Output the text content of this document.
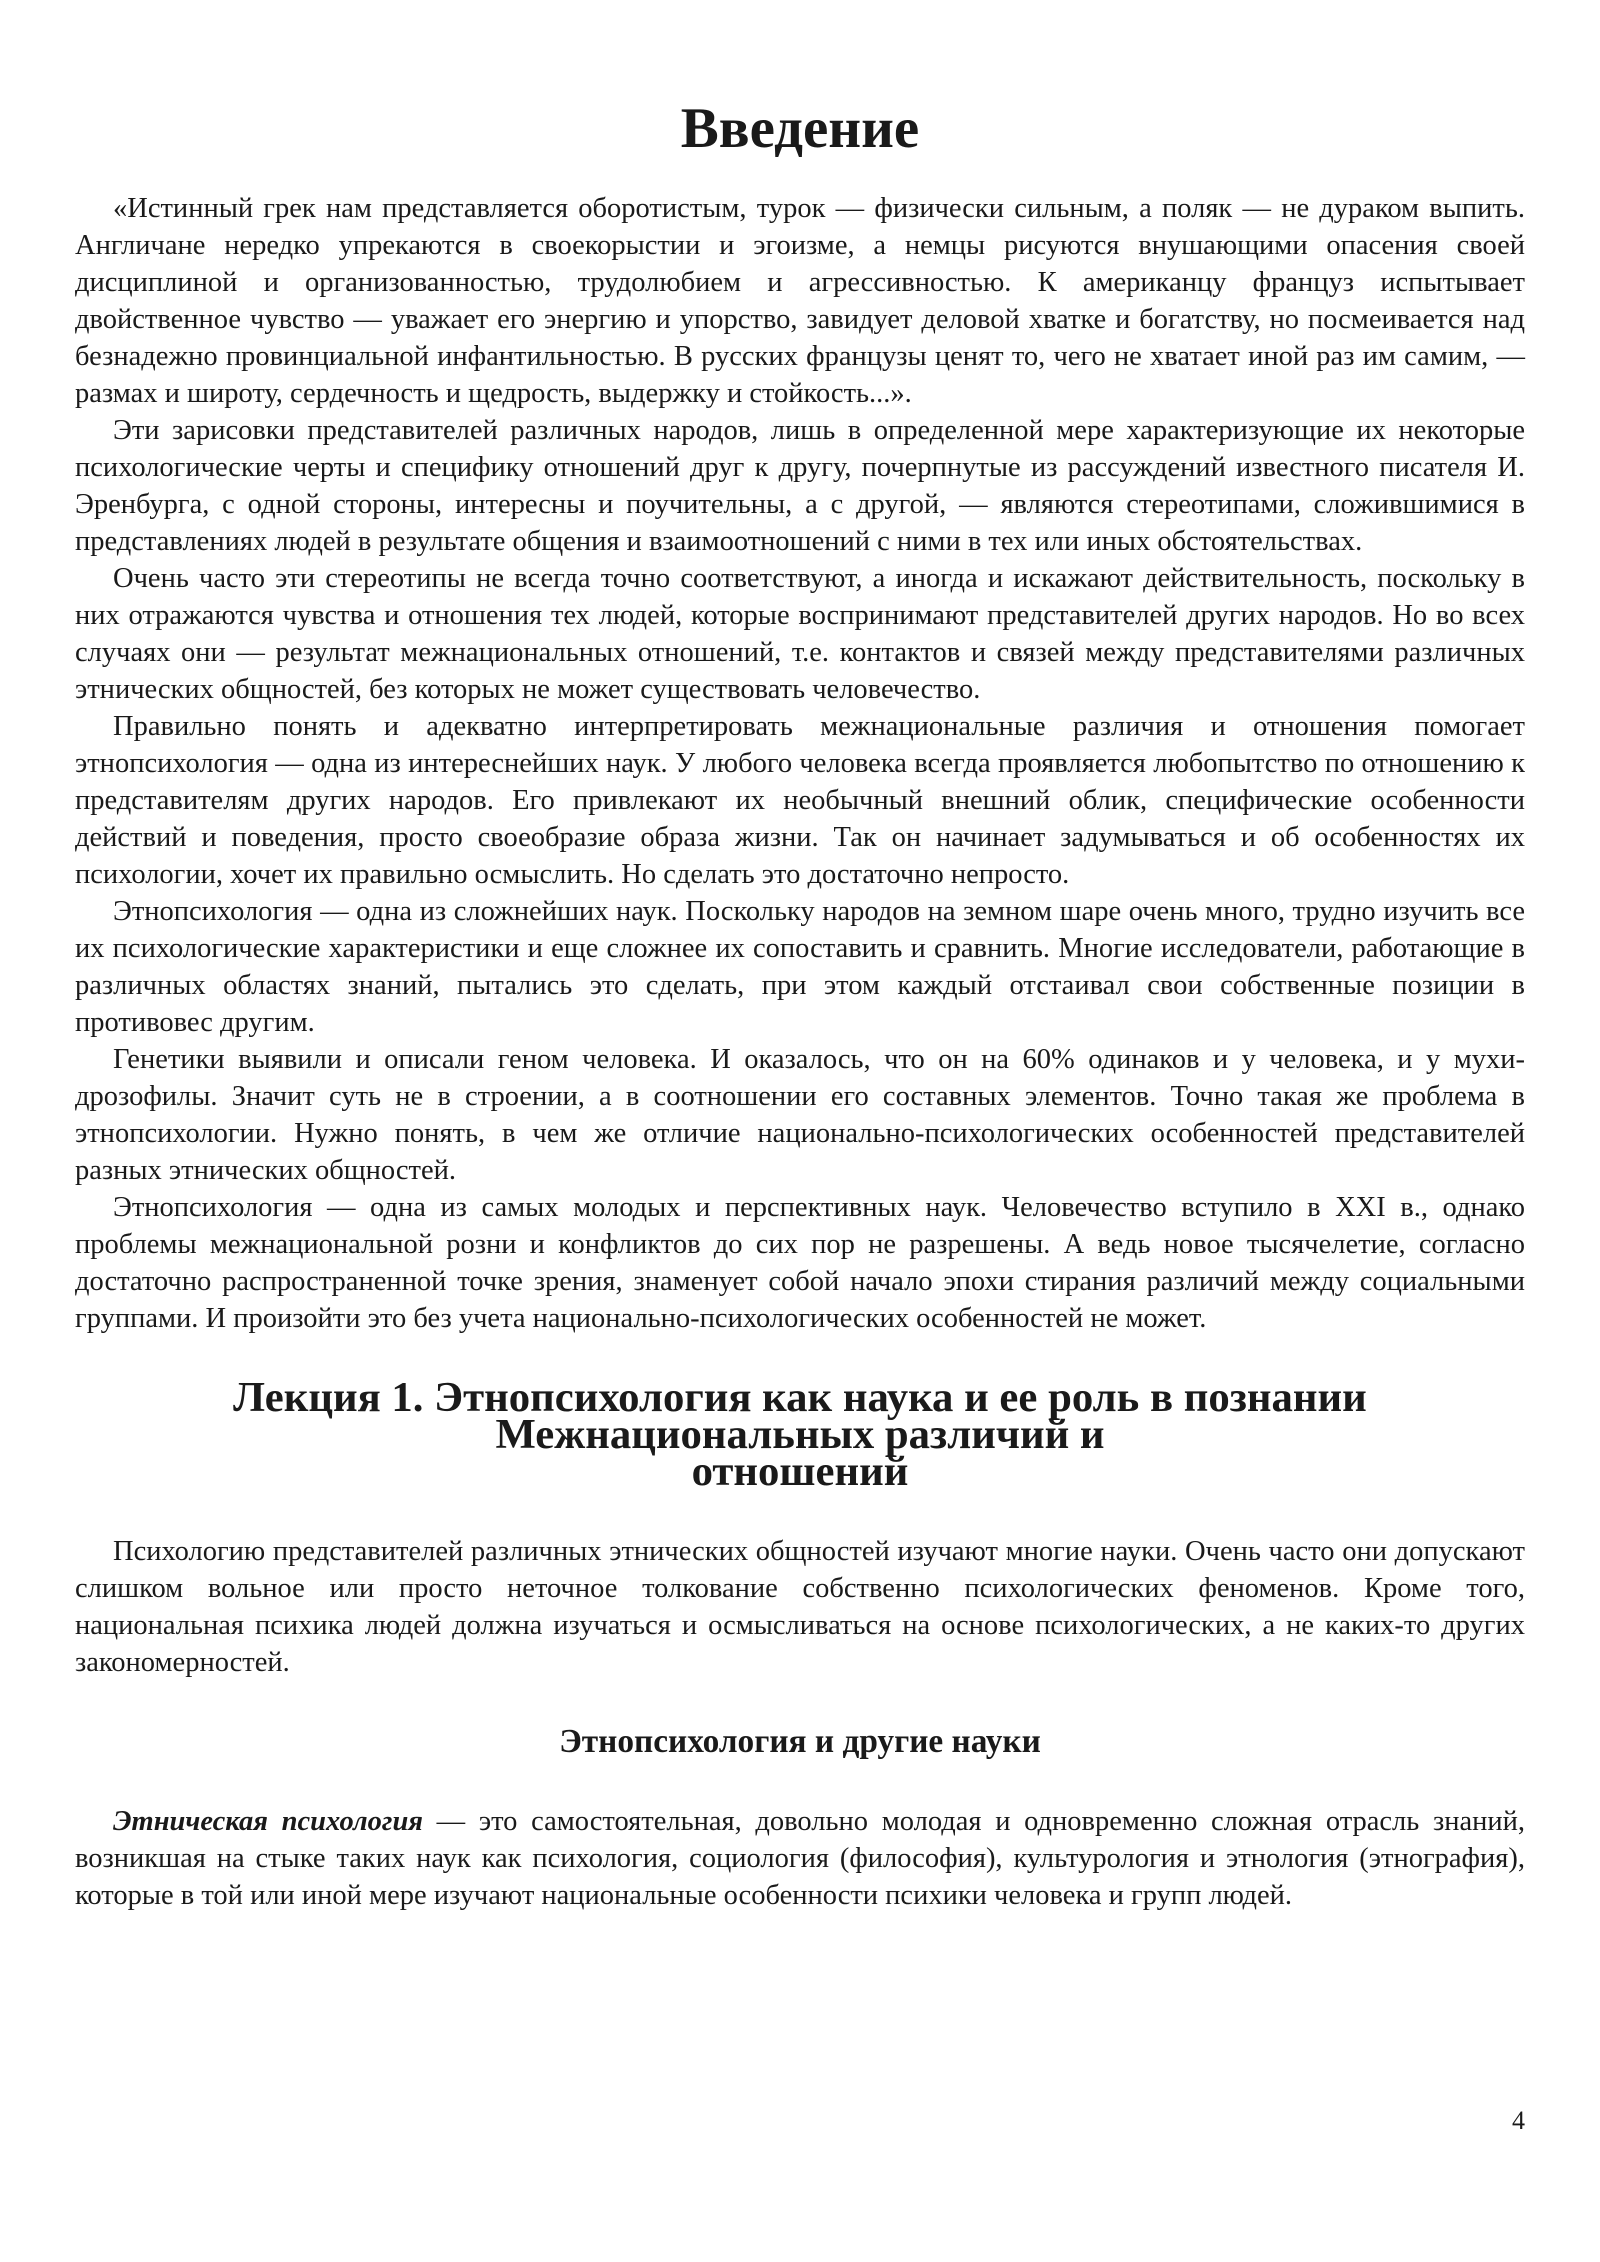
Введение

«Истинный грек нам представляется оборотистым, турок — физически сильным, а поляк — не дураком выпить. Англичане нередко упрекаются в своекорыстии и эгоизме, а немцы рисуются внушающими опасения своей дисциплиной и организованностью, трудолюбием и агрессивностью. К американцу француз испытывает двойственное чувство — уважает его энергию и упорство, завидует деловой хватке и богатству, но посмеивается над безнадежно провинциальной инфантильностью. В русских французы ценят то, чего не хватает иной раз им самим, — размах и широту, сердечность и щедрость, выдержку и стойкость...».

Эти зарисовки представителей различных народов, лишь в определенной мере характеризующие их некоторые психологические черты и специфику отношений друг к другу, почерпнутые из рассуждений известного писателя И. Эренбурга, с одной стороны, интересны и поучительны, а с другой, — являются стереотипами, сложившимися в представлениях людей в результате общения и взаимоотношений с ними в тех или иных обстоятельствах.

Очень часто эти стереотипы не всегда точно соответствуют, а иногда и искажают действительность, поскольку в них отражаются чувства и отношения тех людей, которые воспринимают представителей других народов. Но во всех случаях они — результат межнациональных отношений, т.е. контактов и связей между представителями различных этнических общностей, без которых не может существовать человечество.

Правильно понять и адекватно интерпретировать межнациональные различия и отношения помогает этнопсихология — одна из интереснейших наук. У любого человека всегда проявляется любопытство по отношению к представителям других народов. Его привлекают их необычный внешний облик, специфические особенности действий и поведения, просто своеобразие образа жизни. Так он начинает задумываться и об особенностях их психологии, хочет их правильно осмыслить. Но сделать это достаточно непросто.

Этнопсихология — одна из сложнейших наук. Поскольку народов на земном шаре очень много, трудно изучить все их психологические характеристики и еще сложнее их сопоставить и сравнить. Многие исследователи, работающие в различных областях знаний, пытались это сделать, при этом каждый отстаивал свои собственные позиции в противовес другим.

Генетики выявили и описали геном человека. И оказалось, что он на 60% одинаков и у человека, и у мухи-дрозофилы. Значит суть не в строении, а в соотношении его составных элементов. Точно такая же проблема в этнопсихологии. Нужно понять, в чем же отличие национально-психологических особенностей представителей разных этнических общностей.

Этнопсихология — одна из самых молодых и перспективных наук. Человечество вступило в XXI в., однако проблемы межнациональной розни и конфликтов до сих пор не разрешены. А ведь новое тысячелетие, согласно достаточно распространенной точке зрения, знаменует собой начало эпохи стирания различий между социальными группами. И произойти это без учета национально-психологических особенностей не может.

Лекция 1. Этнопсихология как наука и ее роль в познании Межнациональных различий и
отношений

Психологию представителей различных этнических общностей изучают многие науки. Очень часто они допускают слишком вольное или просто неточное толкование собственно психологических феноменов. Кроме того, национальная психика людей должна изучаться и осмысливаться на основе психологических, а не каких-то других закономерностей.

Этнопсихология и другие науки

Этническая психология — это самостоятельная, довольно молодая и одновременно сложная отрасль знаний, возникшая на стыке таких наук как психология, социология (философия), культурология и этнология (этнография), которые в той или иной мере изучают национальные особенности психики человека и групп людей.

4
